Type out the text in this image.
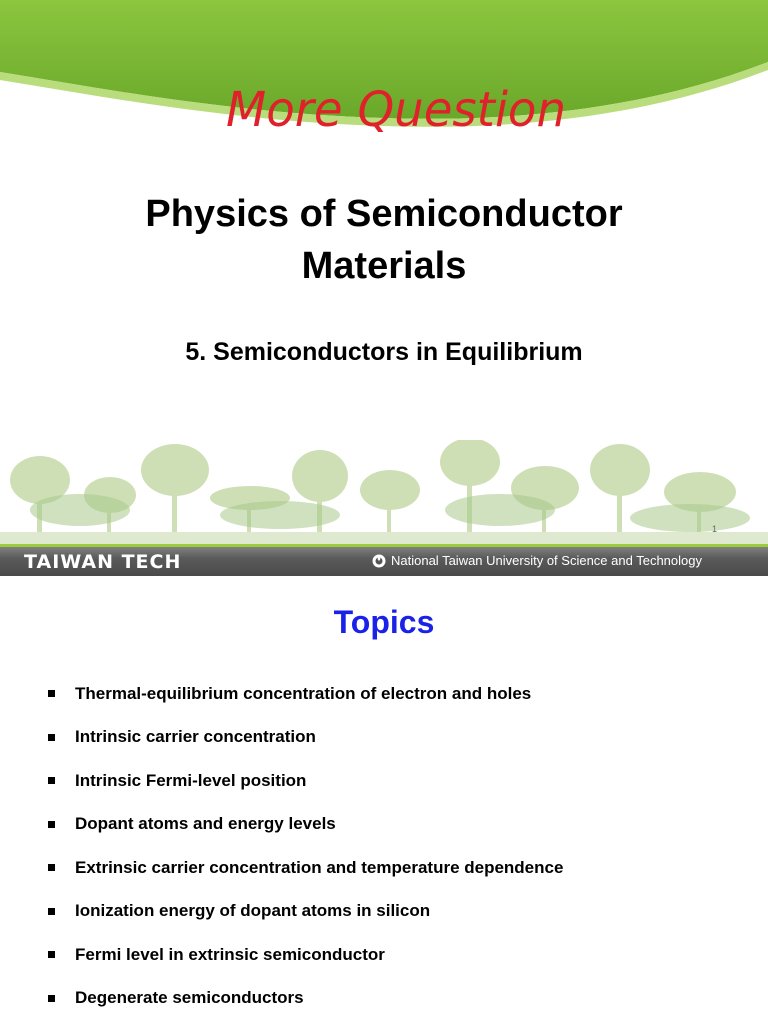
More Question
Physics of Semiconductor
Materials
5. Semiconductors in Equilibrium
1
TAIWAN TECH	National Taiwan University of Science and Technology
Topics
Thermal-equilibrium concentration of electron and holes
Intrinsic carrier concentration
Intrinsic Fermi-level position
Dopant atoms and energy levels
Extrinsic carrier concentration and temperature dependence
Ionization energy of dopant atoms in silicon
Fermi level in extrinsic semiconductor
Degenerate semiconductors
